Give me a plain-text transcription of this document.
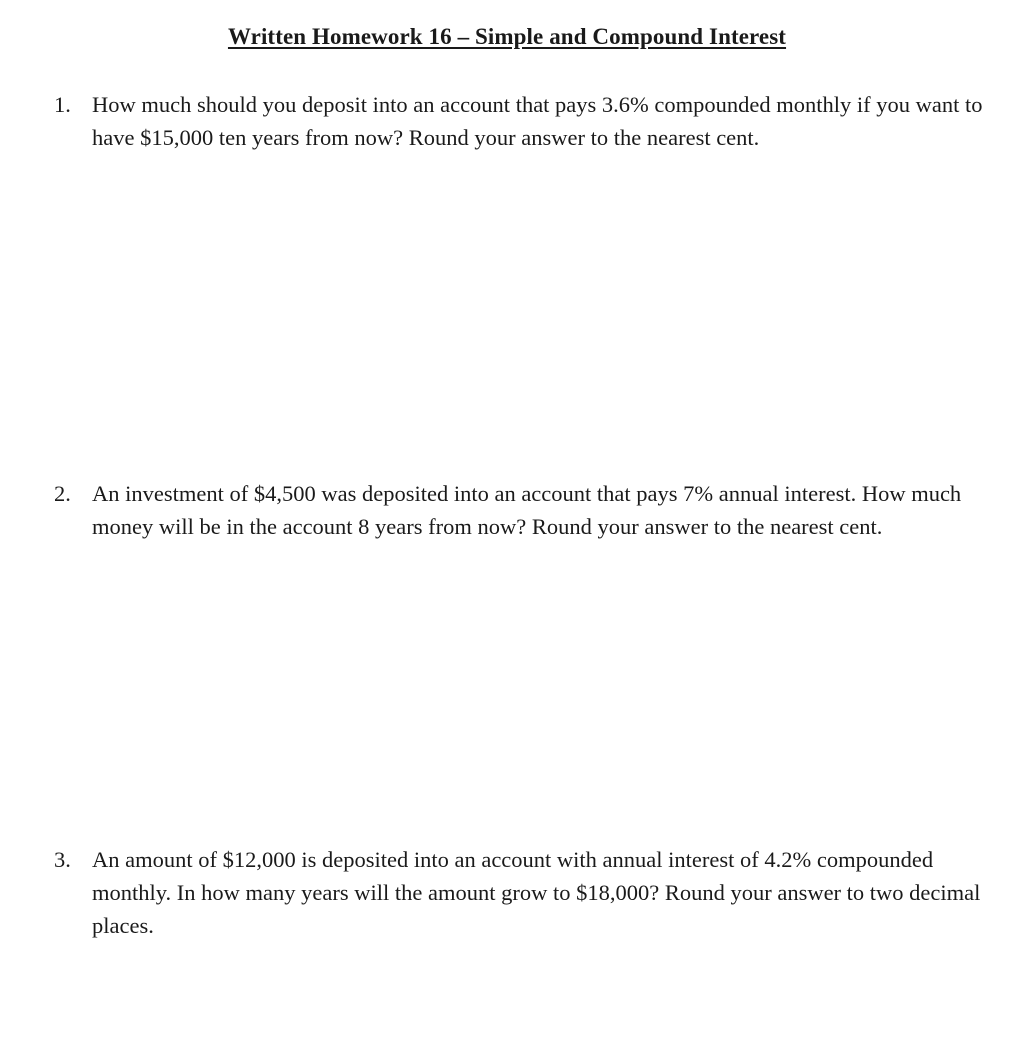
Written Homework 16 – Simple and Compound Interest
1. How much should you deposit into an account that pays 3.6% compounded monthly if you want to have $15,000 ten years from now? Round your answer to the nearest cent.
2. An investment of $4,500 was deposited into an account that pays 7% annual interest. How much money will be in the account 8 years from now? Round your answer to the nearest cent.
3. An amount of $12,000 is deposited into an account with annual interest of 4.2% compounded monthly. In how many years will the amount grow to $18,000? Round your answer to two decimal places.
